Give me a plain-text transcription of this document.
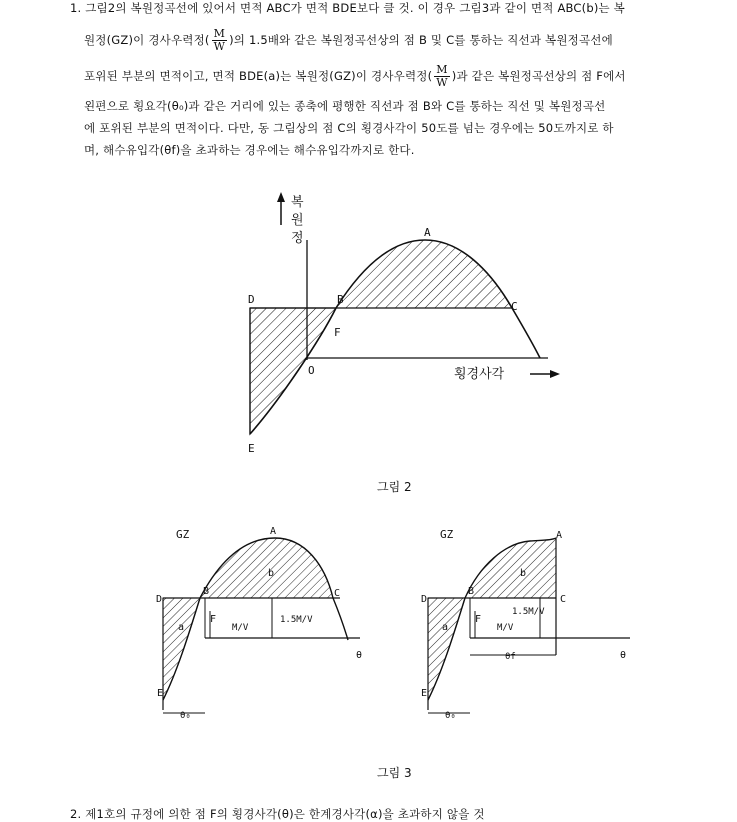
1. 그림2의 복원정곡선에 있어서 면적 ABC가 면적 BDE보다 클 것. 이 경우 그림3과 같이 면적 ABC(b)는 복
원정(GZ)이 경사우력정( $\frac{M}{W}$ )의 1.5배와 같은 복원정곡선상의 점 B 및 C를 통하는 직선과 복원정곡선에
포위된 부분의 면적이고, 면적 BDE(a)는 복원정(GZ)이 경사우력정( $\frac{M}{W}$ )과 같은 복원정곡선상의 점 F에서
왼편으로 횡요각(θ₀)과 같은 거리에 있는 종축에 평행한 직선과 점 B와 C를 통하는 직선 및 복원정곡선
에 포위된 부분의 면적이다. 다만, 동 그림상의 점 C의 횡경사각이 50도를 넘는 경우에는 50도까지로 하
며, 해수유입각(θf)을 초과하는 경우에는 해수유입각까지로 한다.
복
원
정	A
B
C
D
E
F
O	횡경사각
GZ	A
b
B	C
D
E
F
a	M/V
1.5M/V
θ
θ₀
GZ	A
b
B
C
D
E
F
a	M/V
1.5M/V
θ
θf
θ₀
그림 2
그림 3
2. 제1호의 규정에 의한 점 F의 횡경사각(θ)은 한계경사각(α)을 초과하지 않을 것
